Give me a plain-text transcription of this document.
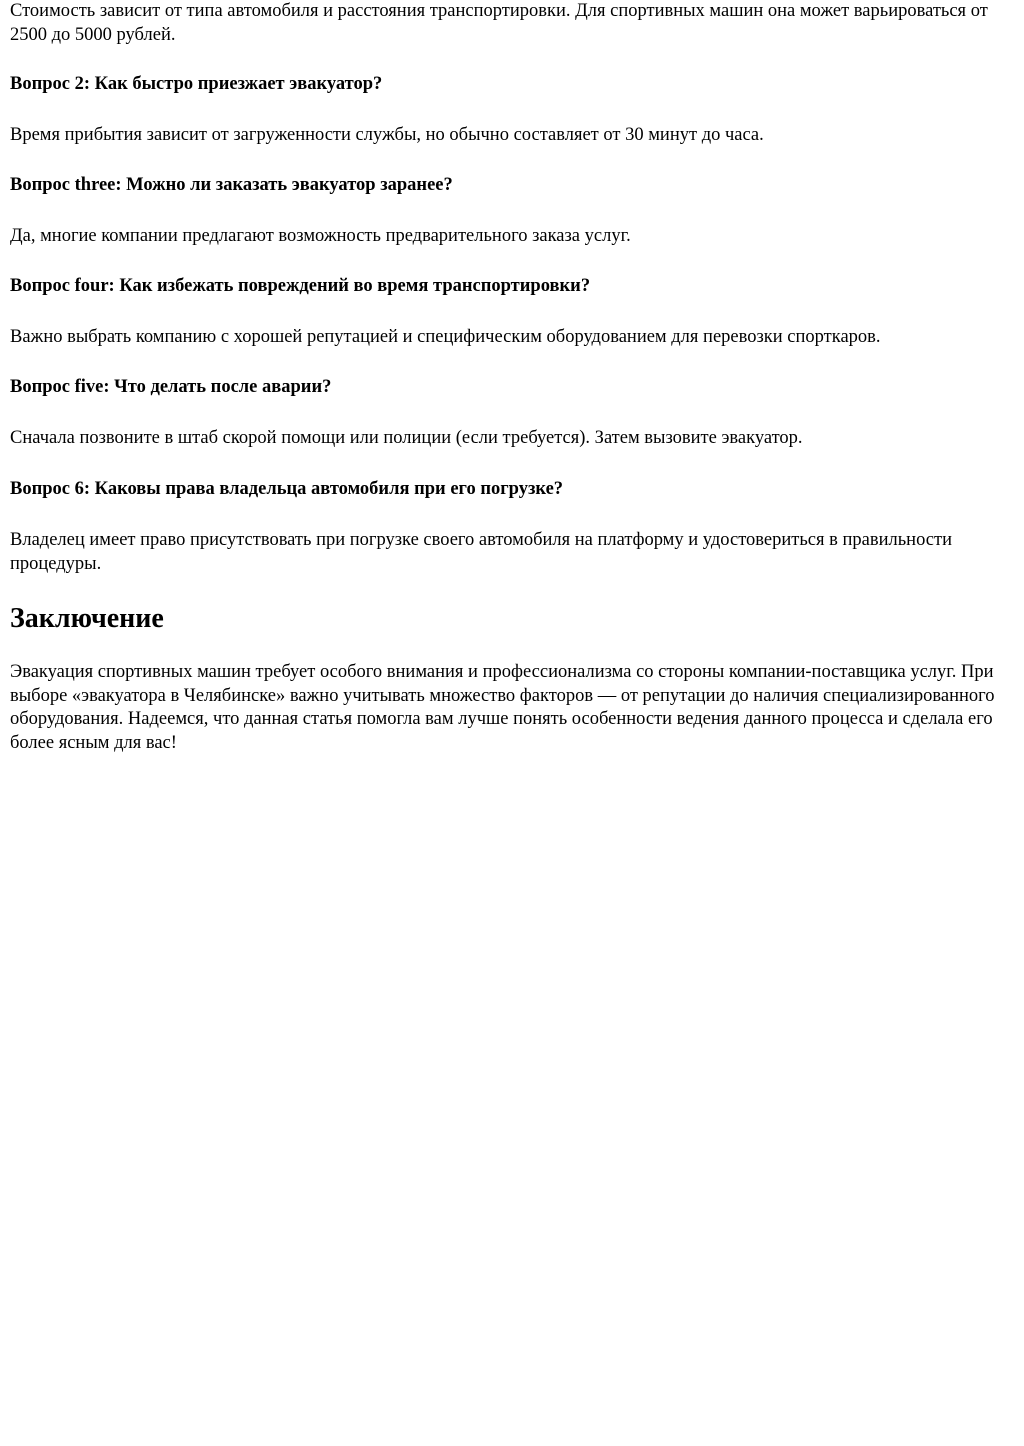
Стоимость зависит от типа автомобиля и расстояния транспортировки. Для спортивных машин она может варьироваться от 2500 до 5000 рублей.

Вопрос 2: Как быстро приезжает эвакуатор?

Время прибытия зависит от загруженности службы, но обычно составляет от 30 минут до часа.

Вопрос three: Можно ли заказать эвакуатор заранее?

Да, многие компании предлагают возможность предварительного заказа услуг.

Вопрос four: Как избежать повреждений во время транспортировки?

Важно выбрать компанию с хорошей репутацией и специфическим оборудованием для перевозки спорткаров.

Вопрос five: Что делать после аварии?

Сначала позвоните в штаб скорой помощи или полиции (если требуется). Затем вызовите эвакуатор.

Вопрос 6: Каковы права владельца автомобиля при его погрузке?

Владелец имеет право присутствовать при погрузке своего автомобиля на платформу и удостовериться в правильности процедуры.

Заключение

Эвакуация спортивных машин требует особого внимания и профессионализма со стороны компании-поставщика услуг. При выборе «эвакуатора в Челябинске» важно учитывать множество факторов — от репутации до наличия специализированного оборудования. Надеемся, что данная статья помогла вам лучше понять особенности ведения данного процесса и сделала его более ясным для вас!
